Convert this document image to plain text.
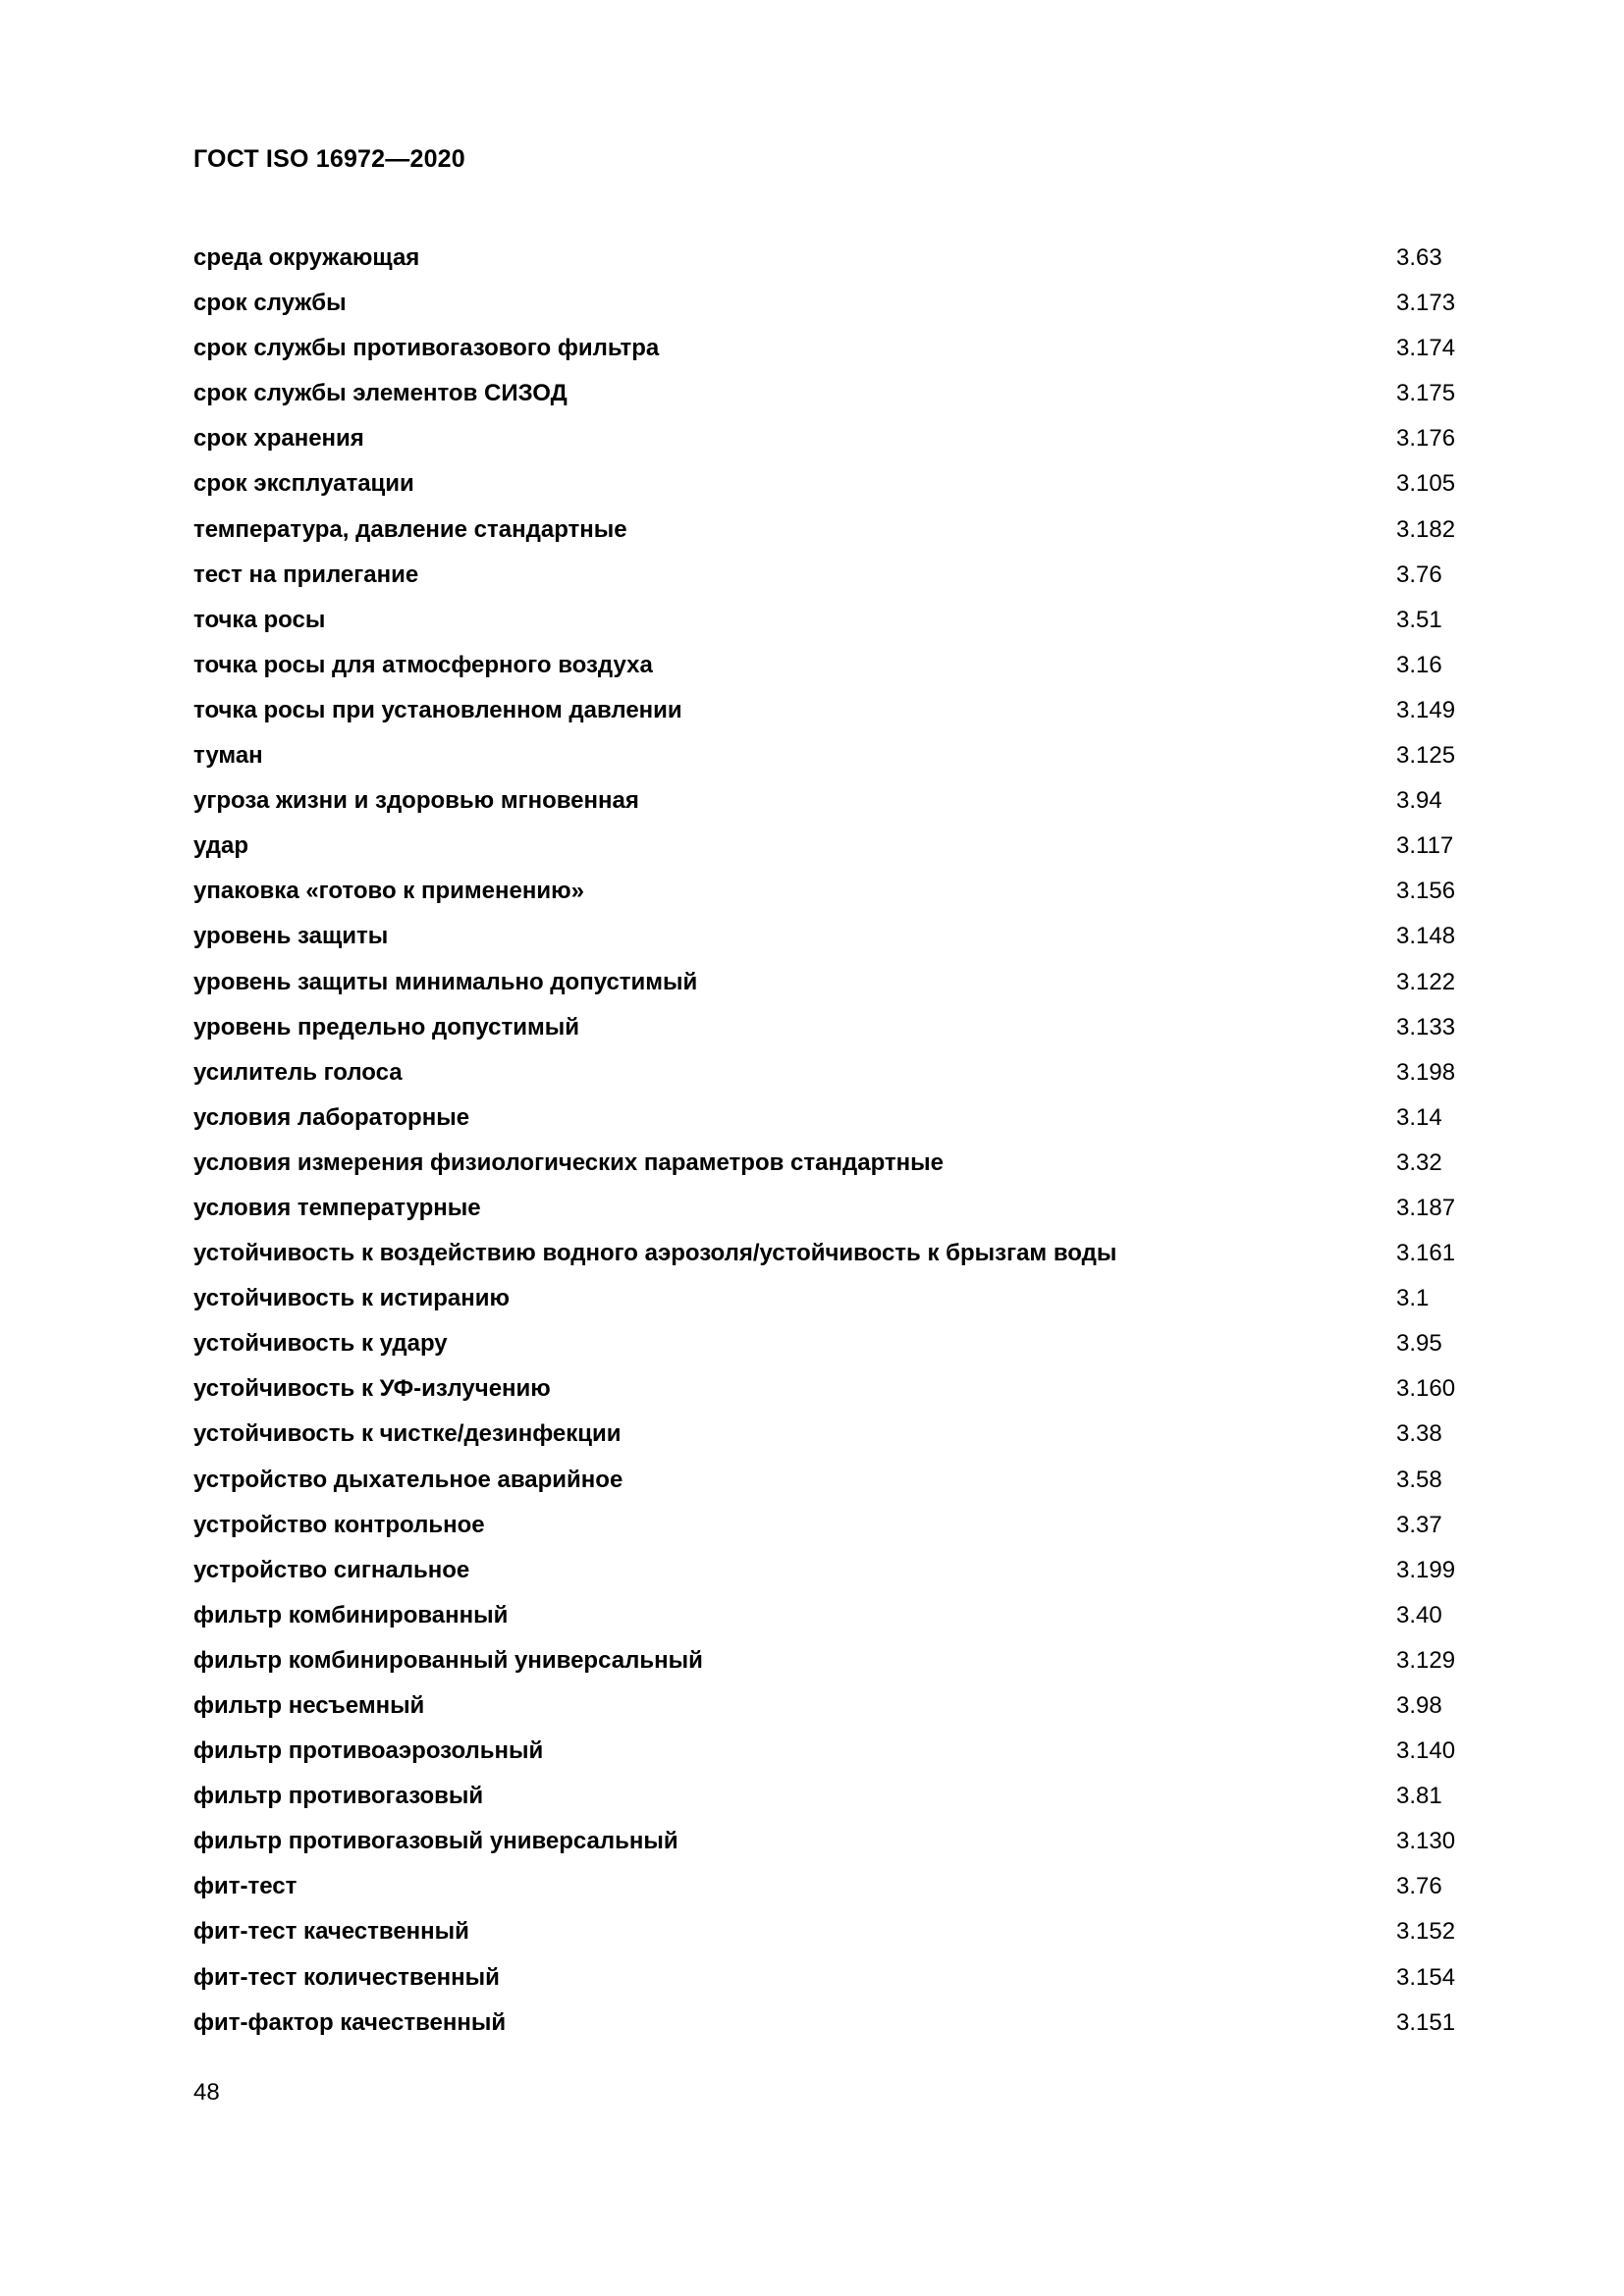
ГОСТ ISO 16972—2020
среда окружающая	3.63
срок службы	3.173
срок службы противогазового фильтра	3.174
срок службы элементов СИЗОД	3.175
срок хранения	3.176
срок эксплуатации	3.105
температура, давление стандартные	3.182
тест на прилегание	3.76
точка росы	3.51
точка росы для атмосферного воздуха	3.16
точка росы при установленном давлении	3.149
туман	3.125
угроза жизни и здоровью мгновенная	3.94
удар	3.117
упаковка «готово к применению»	3.156
уровень защиты	3.148
уровень защиты минимально допустимый	3.122
уровень предельно допустимый	3.133
усилитель голоса	3.198
условия лабораторные	3.14
условия измерения физиологических параметров стандартные	3.32
условия температурные	3.187
устойчивость к воздействию водного аэрозоля/устойчивость к брызгам воды	3.161
устойчивость к истиранию	3.1
устойчивость к удару	3.95
устойчивость к УФ-излучению	3.160
устойчивость к чистке/дезинфекции	3.38
устройство дыхательное аварийное	3.58
устройство контрольное	3.37
устройство сигнальное	3.199
фильтр комбинированный	3.40
фильтр комбинированный универсальный	3.129
фильтр несъемный	3.98
фильтр противоаэрозольный	3.140
фильтр противогазовый	3.81
фильтр противогазовый универсальный	3.130
фит-тест	3.76
фит-тест качественный	3.152
фит-тест количественный	3.154
фит-фактор качественный	3.151
48
